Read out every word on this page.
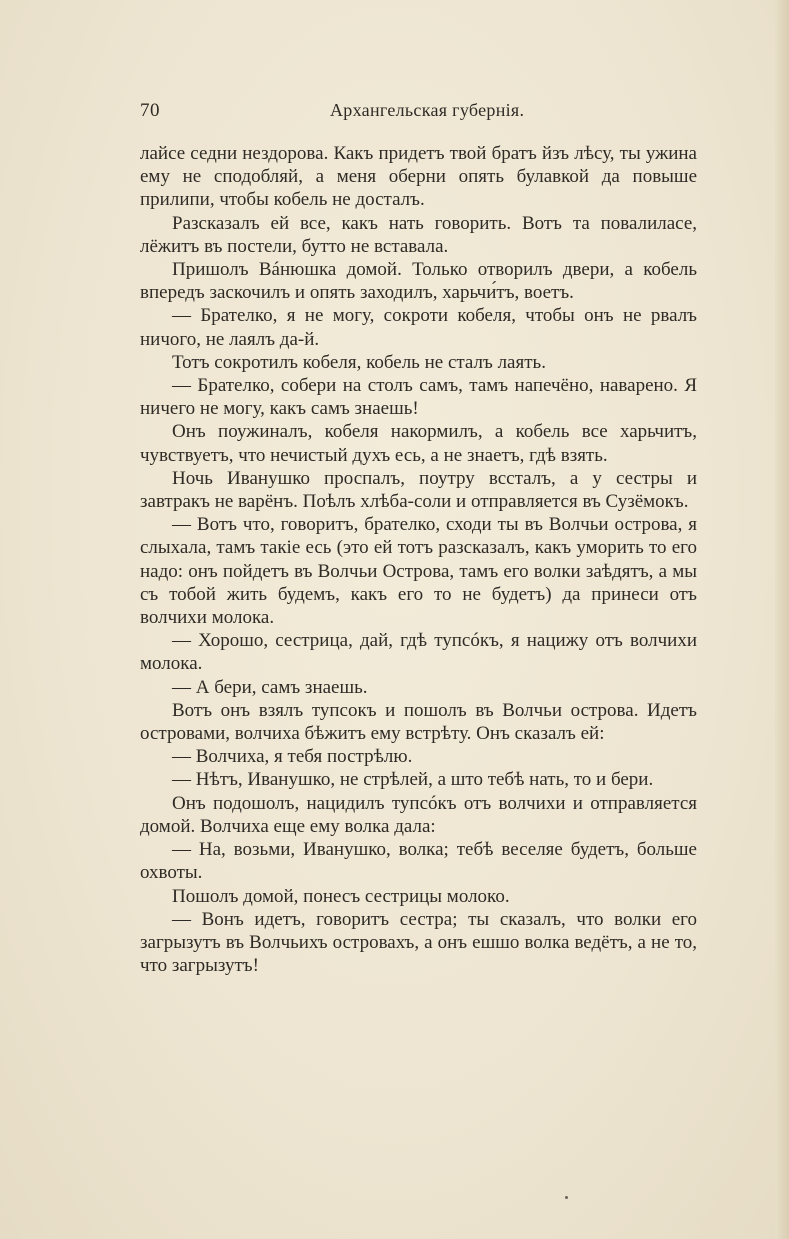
70	Архангельская губернія.

лайсе седни нездорова. Какъ придетъ твой братъ йзъ лѣсу, ты ужина ему не сподобляй, а меня оберни опять булавкой да повыше прилипи, чтобы кобель не досталъ.

Разсказалъ ей все, какъ нать говорить. Вотъ та повалиласе, лёжитъ въ постели, бутто не вставала.

Пришолъ Вáнюшка домой. Только отворилъ двери, а кобель впередъ заскочилъ и опять заходилъ, харьчи́тъ, воетъ.

— Брателко, я не могу, сокроти кобеля, чтобы онъ не рвалъ ничого, не лаялъ да-й.

Тотъ сокротилъ кобеля, кобель не сталъ лаять.

— Брателко, собери на столъ самъ, тамъ напечёно, наварено. Я ничего не могу, какъ самъ знаешь!

Онъ поужиналъ, кобеля накормилъ, а кобель все харьчитъ, чувствуетъ, что нечистый духъ есь, а не знаетъ, гдѣ взять.

Ночь Иванушко проспалъ, поутру вссталъ, а у сестры и завтракъ не варёнъ. Поѣлъ хлѣба-соли и отправляется въ Сузёмокъ.

— Вотъ что, говоритъ, брателко, сходи ты въ Волчьи острова, я слыхала, тамъ такіе есь (это ей тотъ разсказалъ, какъ уморить то его надо: онъ пойдетъ въ Волчьи Острова, тамъ его волки заѣдятъ, а мы съ тобой жить будемъ, какъ его то не будетъ) да принеси отъ волчихи молока.

— Хорошо, сестрица, дай, гдѣ тупсóкъ, я нацижу отъ волчихи молока.

— А бери, самъ знаешь.

Вотъ онъ взялъ тупсокъ и пошолъ въ Волчьи острова. Идетъ островами, волчиха бѣжитъ ему встрѣту. Онъ сказалъ ей:

— Волчиха, я тебя пострѣлю.

— Нѣтъ, Иванушко, не стрѣлей, а што тебѣ нать, то и бери.

Онъ подошолъ, нацидилъ тупсóкъ отъ волчихи и отправляется домой. Волчиха еще ему волка дала:

— На, возьми, Иванушко, волка; тебѣ веселяе будетъ, больше охвоты.

Пошолъ домой, понесъ сестрицы молоко.

— Вонъ идетъ, говоритъ сестра; ты сказалъ, что волки его загрызутъ въ Волчьихъ островахъ, а онъ ешшо волка ведётъ, а не то, что загрызутъ!
